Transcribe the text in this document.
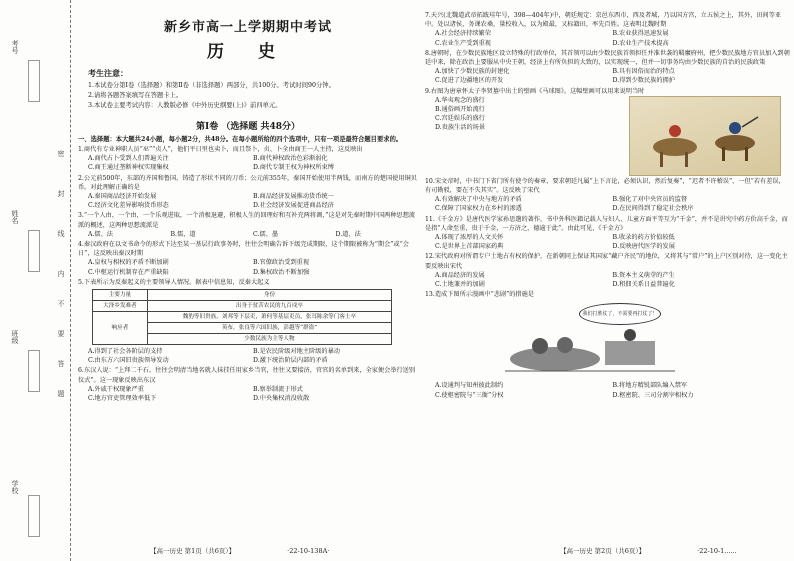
考号
姓名
班级
学校
密
封
线
内
不
要
答
题
新乡市高一上学期期中考试
历 史
考生注意：
1.本试卷分第Ⅰ卷（选择题）和第Ⅱ卷（非选择题）两部分，共100分。考试时间90分钟。
2.请将各题答案填写在答题卡上。
3.本试卷主要考试内容：人教版必修《中外历史纲要(上)》前四单元。
第Ⅰ卷 （选择题 共48分）
一、选择题：本大题共24小题，每小题2分，共48分。在每小题所给的四个选项中，只有一项是最符合题目要求的。
1.商代有专业神职人员“巫”“贞人”，他们平日里也卖卜，而且祭卜，贞、卜全由商王一人主持，这反映出
A.商代占卜受到人们普遍关注	B.商代神权政治色彩渐弱化
C.商王通过垄断神权实现集权	D.商代专制王权为神权所束缚
2.公元前500年，东部的齐国和鲁国，铸造了形状不同的刀币；公元前355年，秦国开始使用半两钱，而南方的楚国使用铜贝币。对此理解正确的是
A.秦国商品经济开始发展	B.商品经济发展推动货币统一
C.经济文化差异影响货币形态	D.社会经济发展促进商品经济
3.“一个人由，一个由，一个乐观进取，一个消极退避，积极人生的回理好和互补充两将调，”这是对先秦时期中国两种思想流派的概述，这两种思想流派是
A.儒、法	B.儒、道	C.儒、墨	D.道、法
4.秦汉政府在以文书命令的形式下达至某一基层行政事务时，往往会明确告诉下级完成期限，这个期限被称为“期会”或“会日”，这反映出秦汉时期
A.皇权与相权的矛盾不断加剧	B.官僚政治受到重视
C.中枢运行机制存在严重缺陷	D.集权政治不断加强
5.下表所示为反秦起义的主要领导人情况。据表中信息知，反秦大起义
主要力量	身份
大泽乡发难者	出身于贫苦农民的九百戍卒
响应者	魏豹等旧贵族，刘邦等下层吏，萧何等基层吏员，张耳陈余等门客士卒
	英布，张良等六国旧族，彭越等“群盗”
	少数民族为主等人物
A.得到了社会各阶层的支持	B.是农民阶级对地主阶级的暴动
C.由东方六国旧贵族领导发动	D.激下统治阶层内部的矛盾
6.东汉人说：“上拜二千石，往往会明清当地名就人抹挂任用家乡当官，往往又要接济，官官的名单到来，全家便会举行送别仪式”。这一现象反映出东汉
A.外戚干权现象严重	B.察举制流于形式
C.地方官吏管理效率低下	D.中央集权消没收散
7.天兴(北魏道武帝拓跋珪年号，398—404年)中，朝廷规定：京邑东西市，西及者城，乃以国方宫，立五侯之上，其外，田间等亚中。处以诸侯，务课农桑，量校收入，以为殿最，又标籍田，率先百姓。这表明北魏时期
A.社会经济持续繁荣	B.农业获得迅速发展
C.农业生产受到重视	D.农业生产技术提高
8.唐朝时，在少数民族地区设立特殊的行政单位，其首领可以由少数民族首领担任并准世袭的羁縻府州，把少数民族地方官员加入到朝廷中来，除在政治上要服从中央王朝，经济上有所负担的大致的，以实现统一，但并一切事务均由少数民族的自治的民族政策
A.加快了少数民族的封建化	B.具有因俗而治的特点
C.促进了边疆地区的开发	D.得到少数民族的拥护
9.右图为唐章怀太子李贤墓中出土的壁画《马球图》。这幅壁画可以用来说明当时
A.华夷观念的盛行
B.通俗画开始流行
C.宫廷娱乐的盛行
D.贵族生活的场景
10.宋文帝时，中书门下省门所有使令的奏章，要求朝廷凡属“上下言论，必须认识，然后复奏”，“迟者不许稽误”，一但“若有差误，有司勘驳，要在不失其实”。这反映了宋代
A.有效解决了中央与地方的矛盾	B.强化了对中央官员的监督
C.保障了国家权力在乡村的渗透	D.在民间得到了稳定社会秩序
11.《千金方》是唐代医学家孙思邈的著作，书中外科医籍记载人与妇人、儿童方面平等互为“千金”，并不是讲究中药方价高千金，而是指“人命至重，贵于千金，一方济之，德逾于此”。由此可见，《千金方》
A.体现了浓厚的人文关怀	B.收录的药方价值较低
C.是世界上首部国家药典	D.反映唐代医学的发展
12.宋代政府对所谓专户土地占有权的保护，在新朝同上保证其国家“藏户齐民”的地位，又将其与“常户”的上户区别对待，这一变化主要反映出宋代
A.商品经济的发展	B.资本主义萌芽的产生
C.土地兼并的加剧	D.租佃关系日益普遍化
13.造成下图所示漫画中“悲剧”的措施是
我们打胜仗了，不需要再打仗了！
A.设通判与知州彼此制约	B.将地方精锐部队编入禁军
C.使枢密院与“三衙”分权	D.枢密院、三司分割宰相权力
【高一历史 第1页（共6页）】	·22-10-138A·	【高一历史 第2页（共6页）】	·22-10-1......
